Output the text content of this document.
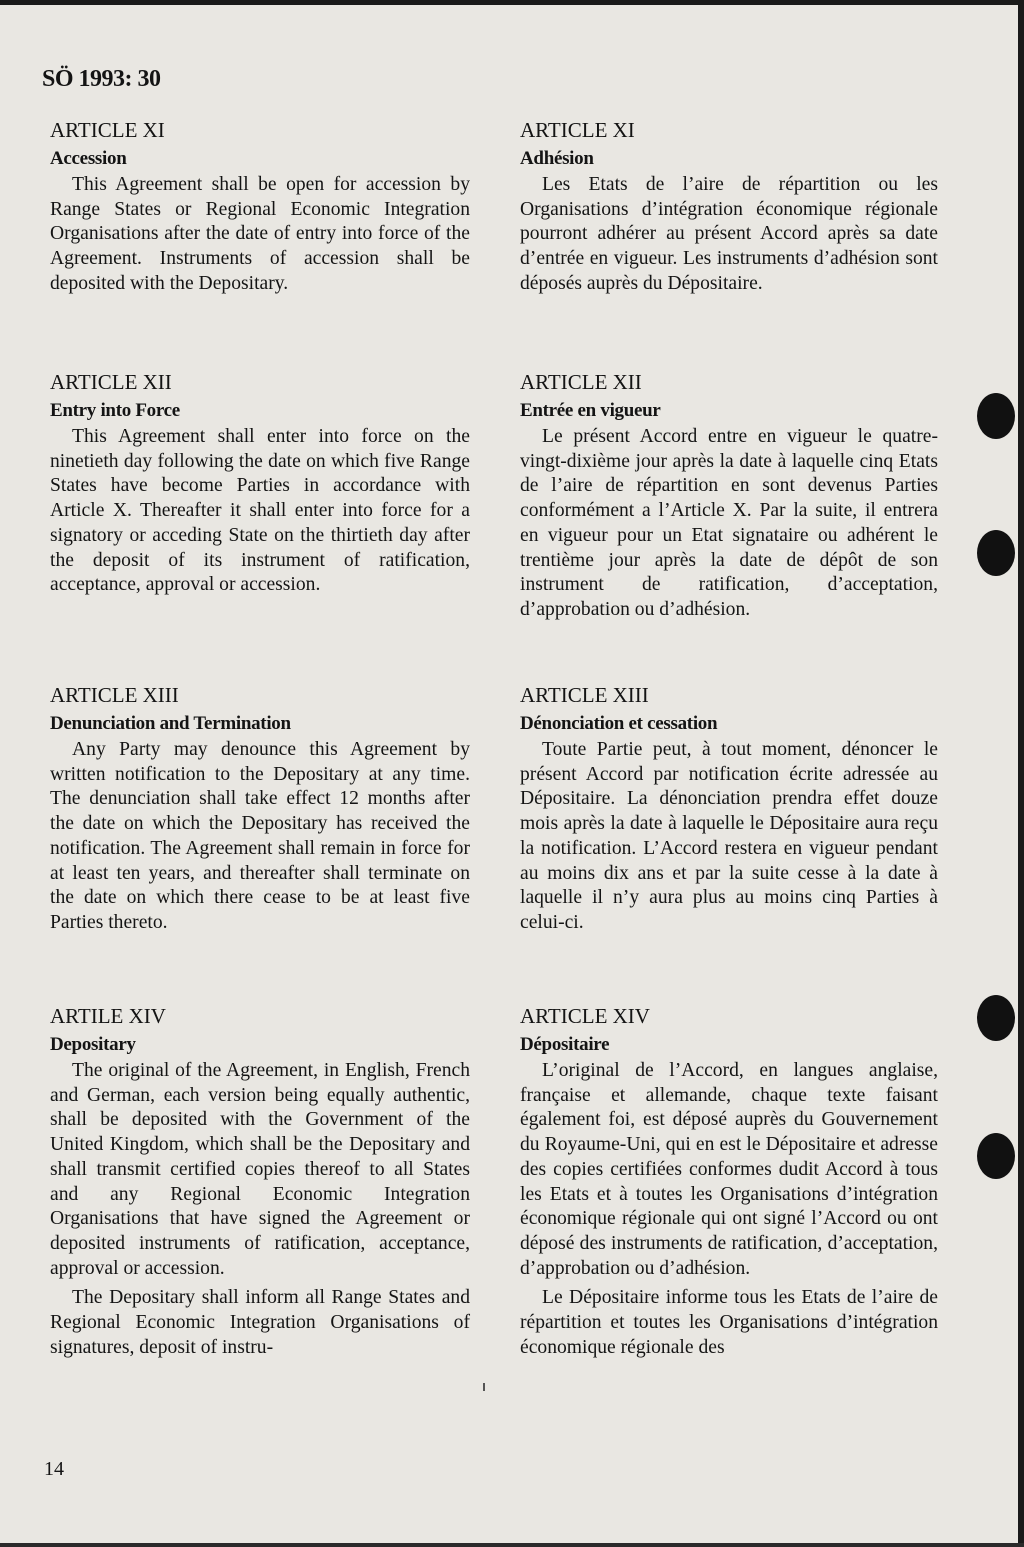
SÖ 1993: 30
ARTICLE XI
Accession

This Agreement shall be open for accession by Range States or Regional Economic Integration Organisations after the date of entry into force of the Agreement. Instruments of accession shall be deposited with the Depositary.

ARTICLE XII
Entry into Force

This Agreement shall enter into force on the ninetieth day following the date on which five Range States have become Parties in accordance with Article X. Thereafter it shall enter into force for a signatory or acceding State on the thirtieth day after the deposit of its instrument of ratification, acceptance, approval or accession.

ARTICLE XIII
Denunciation and Termination

Any Party may denounce this Agreement by written notification to the Depositary at any time. The denunciation shall take effect 12 months after the date on which the Depositary has received the notification. The Agreement shall remain in force for at least ten years, and thereafter shall terminate on the date on which there cease to be at least five Parties thereto.

ARTILE XIV
Depositary

The original of the Agreement, in English, French and German, each version being equally authentic, shall be deposited with the Government of the United Kingdom, which shall be the Depositary and shall transmit certified copies thereof to all States and any Regional Economic Integration Organisations that have signed the Agreement or deposited instruments of ratification, acceptance, approval or accession.

The Depositary shall inform all Range States and Regional Economic Integration Organisations of signatures, deposit of instru-

ARTICLE XI
Adhésion

Les Etats de l’aire de répartition ou les Organisations d’intégration économique régionale pourront adhérer au présent Accord après sa date d’entrée en vigueur. Les instruments d’adhésion sont déposés auprès du Dépositaire.

ARTICLE XII
Entrée en vigueur

Le présent Accord entre en vigueur le quatre-vingt-dixième jour après la date à laquelle cinq Etats de l’aire de répartition en sont devenus Parties conformément a l’Article X. Par la suite, il entrera en vigueur pour un Etat signataire ou adhérent le trentième jour après la date de dépôt de son instrument de ratification, d’acceptation, d’approbation ou d’adhésion.

ARTICLE XIII
Dénonciation et cessation

Toute Partie peut, à tout moment, dénoncer le présent Accord par notification écrite adressée au Dépositaire. La dénonciation prendra effet douze mois après la date à laquelle le Dépositaire aura reçu la notification. L’Accord restera en vigueur pendant au moins dix ans et par la suite cesse à la date à laquelle il n’y aura plus au moins cinq Parties à celui-ci.

ARTICLE XIV
Dépositaire

L’original de l’Accord, en langues anglaise, française et allemande, chaque texte faisant également foi, est déposé auprès du Gouvernement du Royaume-Uni, qui en est le Dépositaire et adresse des copies certifiées conformes dudit Accord à tous les Etats et à toutes les Organisations d’intégration économique régionale qui ont signé l’Accord ou ont déposé des instruments de ratification, d’acceptation, d’approbation ou d’adhésion.

Le Dépositaire informe tous les Etats de l’aire de répartition et toutes les Organisations d’intégration économique régionale des

14
